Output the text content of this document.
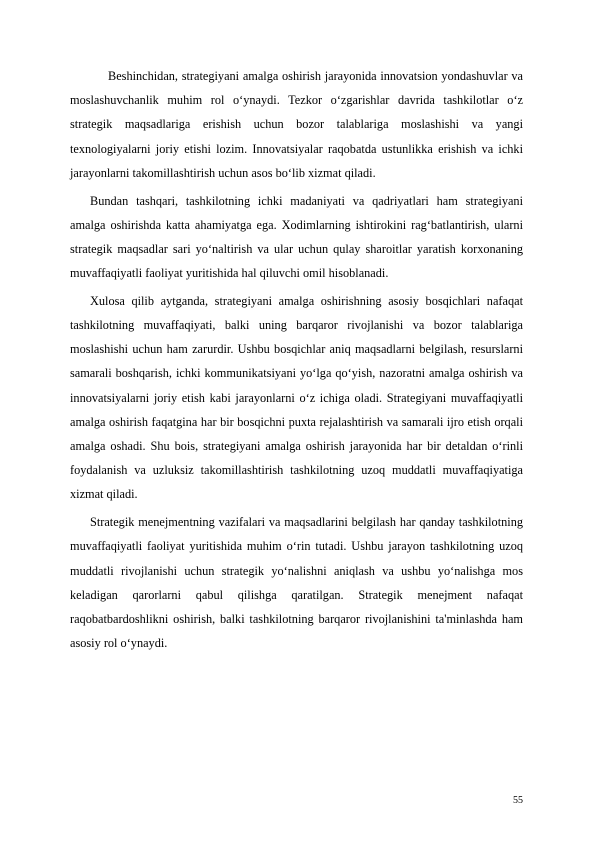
Beshinchidan, strategiyani amalga oshirish jarayonida innovatsion yondashuvlar va moslashuvchanlik muhim rol o‘ynaydi. Tezkor o‘zgarishlar davrida tashkilotlar o‘z strategik maqsadlariga erishish uchun bozor talablariga moslashishi va yangi texnologiyalarni joriy etishi lozim. Innovatsiyalar raqobatda ustunlikka erishish va ichki jarayonlarni takomillashtirish uchun asos bo‘lib xizmat qiladi.

Bundan tashqari, tashkilotning ichki madaniyati va qadriyatlari ham strategiyani amalga oshirishda katta ahamiyatga ega. Xodimlarning ishtirokini rag‘batlantirish, ularni strategik maqsadlar sari yo‘naltirish va ular uchun qulay sharoitlar yaratish korxonaning muvaffaqiyatli faoliyat yuritishida hal qiluvchi omil hisoblanadi.

Xulosa qilib aytganda, strategiyani amalga oshirishning asosiy bosqichlari nafaqat tashkilotning muvaffaqiyati, balki uning barqaror rivojlanishi va bozor talablariga moslashishi uchun ham zarurdir. Ushbu bosqichlar aniq maqsadlarni belgilash, resurslarni samarali boshqarish, ichki kommunikatsiyani yo‘lga qo‘yish, nazoratni amalga oshirish va innovatsiyalarni joriy etish kabi jarayonlarni o‘z ichiga oladi. Strategiyani muvaffaqiyatli amalga oshirish faqatgina har bir bosqichni puxta rejalashtirish va samarali ijro etish orqali amalga oshadi. Shu bois, strategiyani amalga oshirish jarayonida har bir detaldan o‘rinli foydalanish va uzluksiz takomillashtirish tashkilotning uzoq muddatli muvaffaqiyatiga xizmat qiladi.

Strategik menejmentning vazifalari va maqsadlarini belgilash har qanday tashkilotning muvaffaqiyatli faoliyat yuritishida muhim o‘rin tutadi. Ushbu jarayon tashkilotning uzoq muddatli rivojlanishi uchun strategik yo‘nalishni aniqlash va ushbu yo‘nalishga mos keladigan qarorlarni qabul qilishga qaratilgan. Strategik menejment nafaqat raqobatbardoshlikni oshirish, balki tashkilotning barqaror rivojlanishini ta'minlashda ham asosiy rol o‘ynaydi.

55
